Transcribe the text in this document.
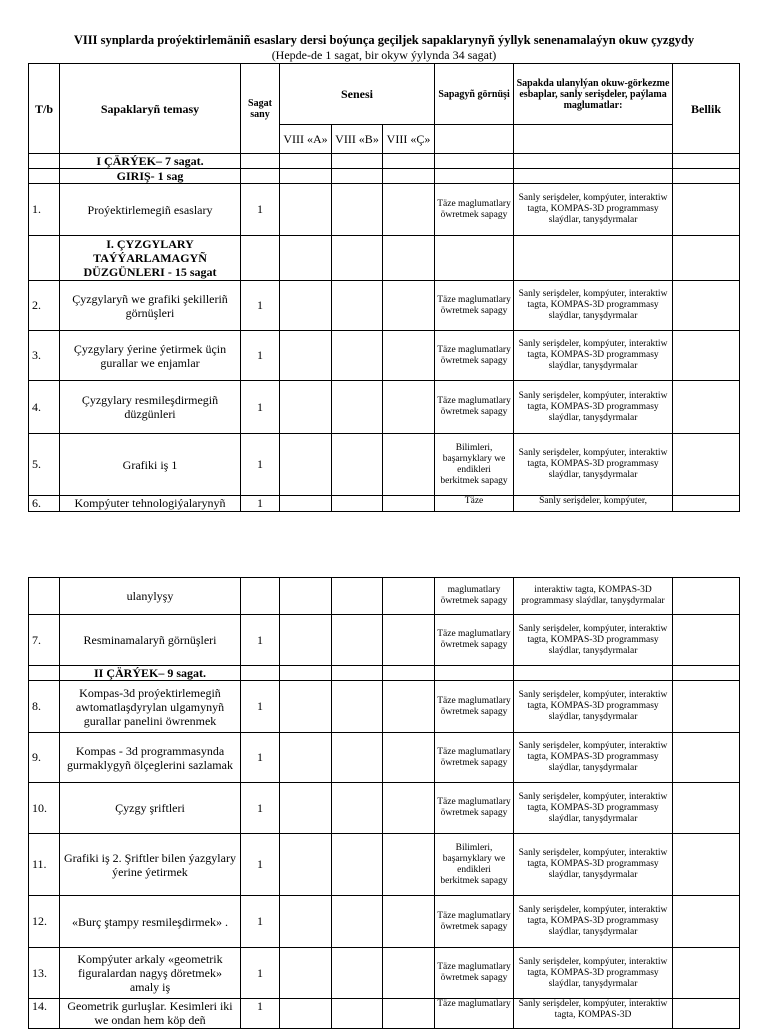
VIII synplarda proýektirlemäniñ esaslary dersi boýunça geçiljek sapaklarynyñ ýyllyk senenamalaýyn okuw çyzgydy
(Hepde-de 1 sagat, bir okyw ýylynda 34 sagat)
T/b	Sapaklaryñ temasy	Sagat sany	Senesi			Sapagyñ görnüşi	Sapakda ulanylýan okuw-görkezme esbaplar, sanly serişdeler, paýlama maglumatlar:	Bellik
			VIII «A»	VIII «B»	VIII «Ç»			
	I ÇÄRÝEK– 7 sagat.							
	GIRIŞ- 1 sag							
1.	Proýektirlemegiñ esaslary	1				Täze maglumatlary öwretmek sapagy	Sanly serişdeler, kompýuter, interaktiw tagta, KOMPAS-3D programmasy slaýdlar, tanyşdyrmalar	
	I. ÇYZGYLARY TAÝÝARLAMAGYÑ DÜZGÜNLERI - 15 sagat							
2.	Çyzgylaryñ we grafiki şekilleriñ görnüşleri	1				Täze maglumatlary öwretmek sapagy	Sanly serişdeler, kompýuter, interaktiw tagta, KOMPAS-3D programmasy slaýdlar, tanyşdyrmalar	
3.	Çyzgylary ýerine ýetirmek üçin gurallar we enjamlar	1				Täze maglumatlary öwretmek sapagy	Sanly serişdeler, kompýuter, interaktiw tagta, KOMPAS-3D programmasy slaýdlar, tanyşdyrmalar	
4.	Çyzgylary resmileşdirmegiñ düzgünleri	1				Täze maglumatlary öwretmek sapagy	Sanly serişdeler, kompýuter, interaktiw tagta, KOMPAS-3D programmasy slaýdlar, tanyşdyrmalar	
5.	Grafiki iş 1	1				Bilimleri, başarnyklary we endikleri berkitmek sapagy	Sanly serişdeler, kompýuter, interaktiw tagta, KOMPAS-3D programmasy slaýdlar, tanyşdyrmalar	
6.	Kompýuter tehnologiýalarynyñ	1				Täze	Sanly serişdeler, kompýuter,	
	ulanylyşy					maglumatlary öwretmek sapagy	interaktiw tagta, KOMPAS-3D programmasy slaýdlar, tanyşdyrmalar	
7.	Resminamalaryñ görnüşleri	1				Täze maglumatlary öwretmek sapagy	Sanly serişdeler, kompýuter, interaktiw tagta, KOMPAS-3D programmasy slaýdlar, tanyşdyrmalar	
	II ÇÄRÝEK– 9 sagat.							
8.	Kompas-3d proýektirlemegiñ awtomatlaşdyrylan ulgamynyñ gurallar panelini öwrenmek	1				Täze maglumatlary öwretmek sapagy	Sanly serişdeler, kompýuter, interaktiw tagta, KOMPAS-3D programmasy slaýdlar, tanyşdyrmalar	
9.	Kompas - 3d programmasynda gurmaklygyñ ölçeglerini sazlamak	1				Täze maglumatlary öwretmek sapagy	Sanly serişdeler, kompýuter, interaktiw tagta, KOMPAS-3D programmasy slaýdlar, tanyşdyrmalar	
10.	Çyzgy şriftleri	1				Täze maglumatlary öwretmek sapagy	Sanly serişdeler, kompýuter, interaktiw tagta, KOMPAS-3D programmasy slaýdlar, tanyşdyrmalar	
11.	Grafiki iş 2. Şriftler bilen ýazgylary ýerine ýetirmek	1				Bilimleri, başarnyklary we endikleri berkitmek sapagy	Sanly serişdeler, kompýuter, interaktiw tagta, KOMPAS-3D programmasy slaýdlar, tanyşdyrmalar	
12.	«Burç ştampy resmileşdirmek» .	1				Täze maglumatlary öwretmek sapagy	Sanly serişdeler, kompýuter, interaktiw tagta, KOMPAS-3D programmasy slaýdlar, tanyşdyrmalar	
13.	Kompýuter arkaly «geometrik figuralardan nagyş döretmek» amaly iş	1				Täze maglumatlary öwretmek sapagy	Sanly serişdeler, kompýuter, interaktiw tagta, KOMPAS-3D programmasy slaýdlar, tanyşdyrmalar	
14.	Geometrik gurluşlar. Kesimleri iki we ondan hem köp deñ	1				Täze maglumatlary	Sanly serişdeler, kompýuter, interaktiw tagta, KOMPAS-3D	
